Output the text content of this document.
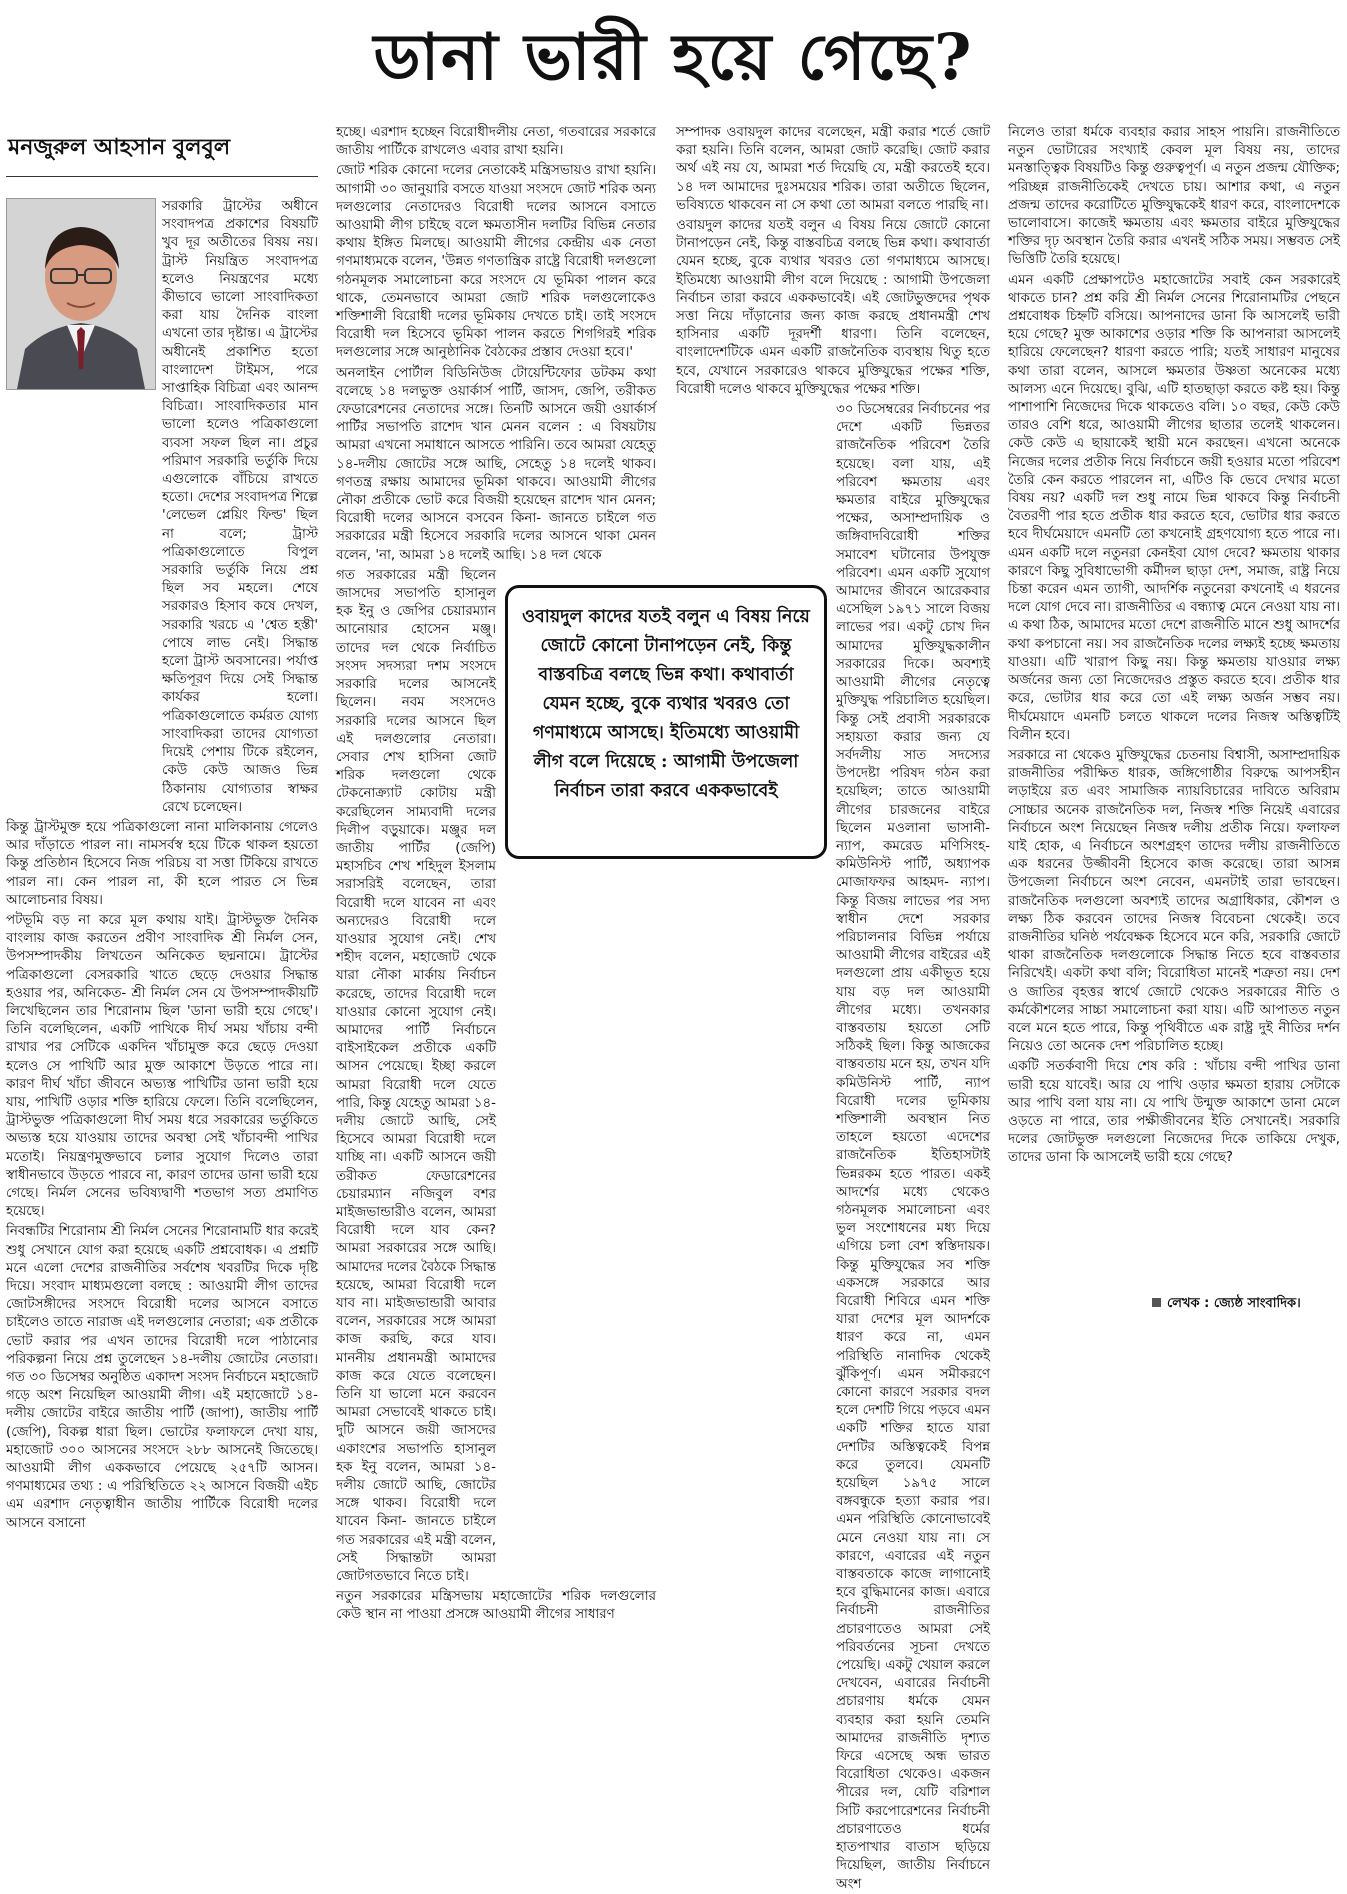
ডানা ভারী হয়ে গেছে?
মনজুরুল আহসান বুলবুল

সরকারি ট্রাস্টের অধীনে সংবাদপত্র প্রকাশের বিষয়টি খুব দূর অতীতের বিষয় নয়। ট্রাস্ট নিয়ন্ত্রিত সংবাদপত্র হলেও নিয়ন্ত্রণের মধ্যে কীভাবে ভালো সাংবাদিকতা করা যায় দৈনিক বাংলা এখনো তার দৃষ্টান্ত। এ ট্রাস্টের অধীনেই প্রকাশিত হতো বাংলাদেশ টাইমস, পরে সাপ্তাহিক বিচিত্রা এবং আনন্দ বিচিত্রা। সাংবাদিকতার মান ভালো হলেও পত্রিকাগুলো ব্যবসা সফল ছিল না। প্রচুর পরিমাণ সরকারি ভর্তুকি দিয়ে এগুলোকে বাঁচিয়ে রাখতে হতো। দেশের সংবাদপত্র শিল্পে 'লেভেল প্লেয়িং ফিল্ড' ছিল না বলে; ট্রাস্ট পত্রিকাগুলোতে বিপুল সরকারি ভর্তুকি নিয়ে প্রশ্ন ছিল সব মহলে। শেষে সরকারও হিসাব কষে দেখল, সরকারি খরচে এ 'শ্বেত হস্তী' পোষে লাভ নেই। সিদ্ধান্ত হলো ট্রাস্ট অবসানের। পর্যাপ্ত ক্ষতিপূরণ দিয়ে সেই সিদ্ধান্ত কার্যকর হলো। পত্রিকাগুলোতে কর্মরত যোগ্য সাংবাদিকরা তাদের যোগ্যতা দিয়েই পেশায় টিকে রইলেন, কেউ কেউ আজও ভিন্ন ঠিকানায় যোগ্যতার স্বাক্ষর রেখে চলেছেন।

কিন্তু ট্রাস্টমুক্ত হয়ে পত্রিকাগুলো নানা মালিকানায় গেলেও আর দাঁড়াতে পারল না। নামসর্বস্ব হয়ে টিকে থাকল হয়তো কিন্তু প্রতিষ্ঠান হিসেবে নিজ পরিচয় বা সত্তা টিকিয়ে রাখতে পারল না। কেন পারল না, কী হলে পারত সে ভিন্ন আলোচনার বিষয়।

পটভূমি বড় না করে মূল কথায় যাই। ট্রাস্টভুক্ত দৈনিক বাংলায় কাজ করতেন প্রবীণ সাংবাদিক শ্রী নির্মল সেন, উপসম্পাদকীয় লিখতেন অনিকেত ছদ্মনামে। ট্রাস্টের পত্রিকাগুলো বেসরকারি খাতে ছেড়ে দেওয়ার সিদ্ধান্ত হওয়ার পর, অনিকেত- শ্রী নির্মল সেন যে উপসম্পাদকীয়টি লিখেছিলেন তার শিরোনাম ছিল 'ডানা ভারী হয়ে গেছে'। তিনি বলেছিলেন, একটি পাখিকে দীর্ঘ সময় খাঁচায় বন্দী রাখার পর সেটিকে একদিন খাঁচামুক্ত করে ছেড়ে দেওয়া হলেও সে পাখিটি আর মুক্ত আকাশে উড়তে পারে না। কারণ দীর্ঘ খাঁচা জীবনে অভ্যস্ত পাখিটির ডানা ভারী হয়ে যায়, পাখিটি ওড়ার শক্তি হারিয়ে ফেলে। তিনি বলেছিলেন, ট্রাস্টভুক্ত পত্রিকাগুলো দীর্ঘ সময় ধরে সরকারের ভর্তুকিতে অভ্যস্ত হয়ে যাওয়ায় তাদের অবস্থা সেই খাঁচাবন্দী পাখির মতোই। নিয়ন্ত্রণমুক্তভাবে চলার সুযোগ দিলেও তারা স্বাধীনভাবে উড়তে পারবে না, কারণ তাদের ডানা ভারী হয়ে গেছে। নির্মল সেনের ভবিষ্যদ্বাণী শতভাগ সত্য প্রমাণিত হয়েছে।

নিবন্ধটির শিরোনাম শ্রী নির্মল সেনের শিরোনামটি ধার করেই শুধু সেখানে যোগ করা হয়েছে একটি প্রশ্নবোধক। এ প্রশ্নটি মনে এলো দেশের রাজনীতির সর্বশেষ খবরটির দিকে দৃষ্টি দিয়ে। সংবাদ মাধ্যমগুলো বলছে : আওয়ামী লীগ তাদের জোটসঙ্গীদের সংসদে বিরোধী দলের আসনে বসাতে চাইলেও তাতে নারাজ এই দলগুলোর নেতারা; এক প্রতীকে ভোট করার পর এখন তাদের বিরোধী দলে পাঠানোর পরিকল্পনা নিয়ে প্রশ্ন তুলেছেন ১৪-দলীয় জোটের নেতারা। গত ৩০ ডিসেম্বর অনুষ্ঠিত একাদশ সংসদ নির্বাচনে মহাজোট গড়ে অংশ নিয়েছিল আওয়ামী লীগ। এই মহাজোটে ১৪-দলীয় জোটের বাইরে জাতীয় পার্টি (জাপা), জাতীয় পার্টি (জেপি), বিকল্প ধারা ছিল। ভোটের ফলাফলে দেখা যায়, মহাজোট ৩০০ আসনের সংসদে ২৮৮ আসনেই জিতেছে। আওয়ামী লীগ এককভাবে পেয়েছে ২৫৭টি আসন। গণমাধ্যমের তথ্য : এ পরিস্থিতিতে ২২ আসনে বিজয়ী এইচ এম এরশাদ নেতৃত্বাধীন জাতীয় পার্টিকে বিরোধী দলের আসনে বসানো

হচ্ছে। এরশাদ হচ্ছেন বিরোধীদলীয় নেতা, গতবারের সরকারে জাতীয় পার্টিকে রাখলেও এবার রাখা হয়নি।

জোট শরিক কোনো দলের নেতাকেই মন্ত্রিসভায়ও রাখা হয়নি। আগামী ৩০ জানুয়ারি বসতে যাওয়া সংসদে জোট শরিক অন্য দলগুলোর নেতাদেরও বিরোধী দলের আসনে বসাতে আওয়ামী লীগ চাইছে বলে ক্ষমতাসীন দলটির বিভিন্ন নেতার কথায় ইঙ্গিত মিলছে। আওয়ামী লীগের কেন্দ্রীয় এক নেতা গণমাধ্যমকে বলেন, 'উন্নত গণতান্ত্রিক রাষ্ট্রে বিরোধী দলগুলো গঠনমূলক সমালোচনা করে সংসদে যে ভূমিকা পালন করে থাকে, তেমনভাবে আমরা জোট শরিক দলগুলোকেও শক্তিশালী বিরোধী দলের ভূমিকায় দেখতে চাই। তাই সংসদে বিরোধী দল হিসেবে ভূমিকা পালন করতে শিগগিরই শরিক দলগুলোর সঙ্গে আনুষ্ঠানিক বৈঠকের প্রস্তাব দেওয়া হবে।'

অনলাইন পোর্টাল বিডিনিউজ টোয়েন্টিফোর ডটকম কথা বলেছে ১৪ দলভুক্ত ওয়ার্কার্স পার্টি, জাসদ, জেপি, তরীকত ফেডারেশনের নেতাদের সঙ্গে। তিনটি আসনে জয়ী ওয়ার্কার্স পার্টির সভাপতি রাশেদ খান মেনন বলেন : এ বিষয়টায় আমরা এখনো সমাধানে আসতে পারিনি। তবে আমরা যেহেতু ১৪-দলীয় জোটের সঙ্গে আছি, সেহেতু ১৪ দলেই থাকব। গণতন্ত্র রক্ষায় আমাদের ভূমিকা থাকবে। আওয়ামী লীগের নৌকা প্রতীকে ভোট করে বিজয়ী হয়েছেন রাশেদ খান মেনন; বিরোধী দলের আসনে বসবেন কিনা- জানতে চাইলে গত সরকারের মন্ত্রী হিসেবে সরকারি দলের আসনে থাকা মেনন বলেন, 'না, আমরা ১৪ দলেই আছি। ১৪ দল থেকে

গত সরকারের মন্ত্রী ছিলেন জাসদের সভাপতি হাসানুল হক ইনু ও জেপির চেয়ারম্যান আনোয়ার হোসেন মঞ্জু। তাদের দল থেকে নির্বাচিত সংসদ সদস্যরা দশম সংসদে সরকারি দলের আসনেই ছিলেন। নবম সংসদেও সরকারি দলের আসনে ছিল এই দলগুলোর নেতারা। সেবার শেখ হাসিনা জোট শরিক দলগুলো থেকে টেকনোক্র্যাট কোটায় মন্ত্রী করেছিলেন সাম্যবাদী দলের দিলীপ বড়ুয়াকে। মঞ্জুর দল জাতীয় পার্টির (জেপি) মহাসচিব শেখ শহিদুল ইসলাম সরাসরিই বলেছেন, তারা বিরোধী দলে যাবেন না এবং অন্যদেরও বিরোধী দলে যাওয়ার সুযোগ নেই। শেখ শহীদ বলেন, মহাজোট থেকে যারা নৌকা মার্কায় নির্বাচন করেছে, তাদের বিরোধী দলে যাওয়ার কোনো সুযোগ নেই। আমাদের পার্টি নির্বাচনে বাইসাইকেল প্রতীকে একটি আসন পেয়েছে। ইচ্ছা করলে আমরা বিরোধী দলে যেতে পারি, কিন্তু যেহেতু আমরা ১৪-দলীয় জোটে আছি, সেই হিসেবে আমরা বিরোধী দলে যাচ্ছি না। একটি আসনে জয়ী তরীকত ফেডারেশনের চেয়ারম্যান নজিবুল বশর মাইজভান্ডারীও বলেন, আমরা বিরোধী দলে যাব কেন? আমরা সরকারের সঙ্গে আছি। আমাদের দলের বৈঠকে সিদ্ধান্ত হয়েছে, আমরা বিরোধী দলে যাব না। মাইজভান্ডারী আবার বলেন, সরকারের সঙ্গে আমরা কাজ করছি, করে যাব। মাননীয় প্রধানমন্ত্রী আমাদের কাজ করে যেতে বলেছেন। তিনি যা ভালো মনে করবেন আমরা সেভাবেই থাকতে চাই। দুটি আসনে জয়ী জাসদের একাংশের সভাপতি হাসানুল হক ইনু বলেন, আমরা ১৪-দলীয় জোটে আছি, জোটের সঙ্গে থাকব। বিরোধী দলে যাবেন কিনা- জানতে চাইলে গত সরকারের এই মন্ত্রী বলেন, সেই সিদ্ধান্তটা আমরা জোটগতভাবে নিতে চাই।

নতুন সরকারের মন্ত্রিসভায় মহাজোটের শরিক দলগুলোর কেউ স্থান না পাওয়া প্রসঙ্গে আওয়ামী লীগের সাধারণ

সম্পাদক ওবায়দুল কাদের বলেছেন, মন্ত্রী করার শর্তে জোট করা হয়নি। তিনি বলেন, আমরা জোট করেছি। জোট করার অর্থ এই নয় যে, আমরা শর্ত দিয়েছি যে, মন্ত্রী করতেই হবে। ১৪ দল আমাদের দুঃসময়ের শরিক। তারা অতীতে ছিলেন, ভবিষ্যতে থাকবেন না সে কথা তো আমরা বলতে পারছি না।

ওবায়দুল কাদের যতই বলুন এ বিষয় নিয়ে জোটে কোনো টানাপড়েন নেই, কিন্তু বাস্তবচিত্র বলছে ভিন্ন কথা। কথাবার্তা যেমন হচ্ছে, বুকে ব্যথার খবরও তো গণমাধ্যমে আসছে। ইতিমধ্যে আওয়ামী লীগ বলে দিয়েছে : আগামী উপজেলা নির্বাচন তারা করবে এককভাবেই। এই জোটভুক্তদের পৃথক সত্তা নিয়ে দাঁড়ানোর জন্য কাজ করছে প্রধানমন্ত্রী শেখ হাসিনার একটি দূরদর্শী ধারণা। তিনি বলেছেন, বাংলাদেশটিকে এমন একটি রাজনৈতিক ব্যবস্থায় থিতু হতে হবে, যেখানে সরকারেও থাকবে মুক্তিযুদ্ধের পক্ষের শক্তি, বিরোধী দলেও থাকবে মুক্তিযুদ্ধের পক্ষের শক্তি।

৩০ ডিসেম্বরের নির্বাচনের পর দেশে একটি ভিন্নতর রাজনৈতিক পরিবেশ তৈরি হয়েছে। বলা যায়, এই পরিবেশ ক্ষমতায় এবং ক্ষমতার বাইরে মুক্তিযুদ্ধের পক্ষের, অসাম্প্রদায়িক ও জঙ্গিবাদবিরোধী শক্তির সমাবেশ ঘটানোর উপযুক্ত পরিবেশ। এমন একটি সুযোগ আমাদের জীবনে আরেকবার এসেছিল ১৯৭১ সালে বিজয় লাভের পর। একটু চোখ দিন আমাদের মুক্তিযুদ্ধকালীন সরকারের দিকে। অবশ্যই আওয়ামী লীগের নেতৃত্বে মুক্তিযুদ্ধ পরিচালিত হয়েছিল। কিন্তু সেই প্রবাসী সরকারকে সহায়তা করার জন্য যে সর্বদলীয় সাত সদস্যের উপদেষ্টা পরিষদ গঠন করা হয়েছিল; তাতে আওয়ামী লীগের চারজনের বাইরে ছিলেন মওলানা ভাসানী-ন্যাপ, কমরেড মণিসিংহ- কমিউনিস্ট পার্টি, অধ্যাপক মোজাফফর আহমদ- ন্যাপ। কিন্তু বিজয় লাভের পর সদ্য স্বাধীন দেশে সরকার পরিচালনার বিভিন্ন পর্যায়ে আওয়ামী লীগের বাইরের এই দলগুলো প্রায় একীভূত হয়ে যায় বড় দল আওয়ামী লীগের মধ্যে। তখনকার বাস্তবতায় হয়তো সেটি সঠিকই ছিল। কিন্তু আজকের বাস্তবতায় মনে হয়, তখন যদি কমিউনিস্ট পার্টি, ন্যাপ বিরোধী দলের ভূমিকায় শক্তিশালী অবস্থান নিত তাহলে হয়তো এদেশের রাজনৈতিক ইতিহাসটাই ভিন্নরকম হতে পারত। একই আদর্শের মধ্যে থেকেও গঠনমূলক সমালোচনা এবং ভুল সংশোধনের মধ্য দিয়ে এগিয়ে চলা বেশ স্বস্তিদায়ক। কিন্তু মুক্তিযুদ্ধের সব শক্তি একসঙ্গে সরকারে আর বিরোধী শিবিরে এমন শক্তি যারা দেশের মূল আদর্শকে ধারণ করে না, এমন পরিস্থিতি নানাদিক থেকেই ঝুঁকিপূর্ণ। এমন সমীকরণে কোনো কারণে সরকার বদল হলে দেশটি গিয়ে পড়বে এমন একটি শক্তির হাতে যারা দেশটির অস্তিত্বকেই বিপন্ন করে তুলবে। যেমনটি হয়েছিল ১৯৭৫ সালে বঙ্গবন্ধুকে হত্যা করার পর। এমন পরিস্থিতি কোনোভাবেই মেনে নেওয়া যায় না। সে কারণে, এবারের এই নতুন বাস্তবতাকে কাজে লাগানোই হবে বুদ্ধিমানের কাজ। এবারে নির্বাচনী রাজনীতির প্রচারণাতেও আমরা সেই পরিবর্তনের সূচনা দেখতে পেয়েছি। একটু খেয়াল করলে দেখবেন, এবারের নির্বাচনী প্রচারণায় ধর্মকে যেমন ব্যবহার করা হয়নি তেমনি আমাদের রাজনীতি দৃশ্যত ফিরে এসেছে অন্ধ ভারত বিরোধিতা থেকেও। একজন পীরের দল, যেটি বরিশাল সিটি করপোরেশনের নির্বাচনী প্রচারণাতেও ধর্মের হাতপাখার বাতাস ছড়িয়ে দিয়েছিল, জাতীয় নির্বাচনে অংশ

নিলেও তারা ধর্মকে ব্যবহার করার সাহস পায়নি। রাজনীতিতে নতুন ভোটারের সংখ্যাই কেবল মূল বিষয় নয়, তাদের মনস্তাত্ত্বিক বিষয়টিও কিন্তু গুরুত্বপূর্ণ। এ নতুন প্রজন্ম যৌক্তিক; পরিচ্ছন্ন রাজনীতিকেই দেখতে চায়। আশার কথা, এ নতুন প্রজন্ম তাদের করোটিতে মুক্তিযুদ্ধকেই ধারণ করে, বাংলাদেশকে ভালোবাসে। কাজেই ক্ষমতায় এবং ক্ষমতার বাইরে মুক্তিযুদ্ধের শক্তির দৃঢ় অবস্থান তৈরি করার এখনই সঠিক সময়। সম্ভবত সেই ভিত্তিটি তৈরি হয়েছে।

এমন একটি প্রেক্ষাপটেও মহাজোটের সবাই কেন সরকারেই থাকতে চান? প্রশ্ন করি শ্রী নির্মল সেনের শিরোনামটির পেছনে প্রশ্নবোধক চিহ্নটি বসিয়ে। আপনাদের ডানা কি আসলেই ভারী হয়ে গেছে? মুক্ত আকাশের ওড়ার শক্তি কি আপনারা আসলেই হারিয়ে ফেলেছেন? ধারণা করতে পারি; যতই সাধারণ মানুষের কথা তারা বলেন, আসলে ক্ষমতার উষ্ণতা অনেকের মধ্যে আলস্য এনে দিয়েছে। বুঝি, এটি হাতছাড়া করতে কষ্ট হয়। কিন্তু পাশাপাশি নিজেদের দিকে থাকতেও বলি। ১০ বছর, কেউ কেউ তারও বেশি ধরে, আওয়ামী লীগের ছাতার তলেই থাকলেন। কেউ কেউ এ ছায়াকেই স্থায়ী মনে করছেন। এখনো অনেকে নিজের দলের প্রতীক নিয়ে নির্বাচনে জয়ী হওয়ার মতো পরিবেশ তৈরি কেন করতে পারলেন না, এটিও কি ভেবে দেখার মতো বিষয় নয়? একটি দল শুধু নামে ভিন্ন থাকবে কিন্তু নির্বাচনী বৈতরণী পার হতে প্রতীক ধার করতে হবে, ভোটার ধার করতে হবে দীর্ঘমেয়াদে এমনটি তো কখনোই গ্রহণযোগ্য হতে পারে না। এমন একটি দলে নতুনরা কেনইবা যোগ দেবে? ক্ষমতায় থাকার কারণে কিছু সুবিধাভোগী কর্মীদল ছাড়া দেশ, সমাজ, রাষ্ট্র নিয়ে চিন্তা করেন এমন ত্যাগী, আদর্শিক নতুনেরা কখনোই এ ধরনের দলে যোগ দেবে না। রাজনীতির এ বন্ধ্যাত্ব মেনে নেওয়া যায় না। এ কথা ঠিক, আমাদের মতো দেশে রাজনীতি মানে শুধু আদর্শের কথা কপচানো নয়। সব রাজনৈতিক দলের লক্ষ্যই হচ্ছে ক্ষমতায় যাওয়া। এটি খারাপ কিছু নয়। কিন্তু ক্ষমতায় যাওয়ার লক্ষ্য অর্জনের জন্য তো নিজেদেরও প্রস্তুত করতে হবে। প্রতীক ধার করে, ভোটার ধার করে তো এই লক্ষ্য অর্জন সম্ভব নয়। দীর্ঘমেয়াদে এমনটি চলতে থাকলে দলের নিজস্ব অস্তিত্বটিই বিলীন হবে।

সরকারে না থেকেও মুক্তিযুদ্ধের চেতনায় বিশ্বাসী, অসাম্প্রদায়িক রাজনীতির পরীক্ষিত ধারক, জঙ্গিগোষ্ঠীর বিরুদ্ধে আপসহীন লড়াইয়ে রত এবং সামাজিক ন্যায়বিচারের দাবিতে অবিরাম সোচ্চার অনেক রাজনৈতিক দল, নিজস্ব শক্তি নিয়েই এবারের নির্বাচনে অংশ নিয়েছেন নিজস্ব দলীয় প্রতীক নিয়ে। ফলাফল যাই হোক, এ নির্বাচনে অংশগ্রহণ তাদের দলীয় রাজনীতিতে এক ধরনের উজ্জীবনী হিসেবে কাজ করেছে। তারা আসন্ন উপজেলা নির্বাচনে অংশ নেবেন, এমনটাই তারা ভাবছেন। রাজনৈতিক দলগুলো অবশ্যই তাদের অগ্রাধিকার, কৌশল ও লক্ষ্য ঠিক করবেন তাদের নিজস্ব বিবেচনা থেকেই। তবে রাজনীতির ঘনিষ্ঠ পর্যবেক্ষক হিসেবে মনে করি, সরকারি জোটে থাকা রাজনৈতিক দলগুলোকে সিদ্ধান্ত নিতে হবে বাস্তবতার নিরিখেই। একটা কথা বলি; বিরোধিতা মানেই শত্রুতা নয়। দেশ ও জাতির বৃহত্তর স্বার্থে জোটে থেকেও সরকারের নীতি ও কর্মকৌশলের সাচ্চা সমালোচনা করা যায়। এটি আপাতত নতুন বলে মনে হতে পারে, কিন্তু পৃথিবীতে এক রাষ্ট্র দুই নীতির দর্শন নিয়েও তো অনেক দেশ পরিচালিত হচ্ছে।

একটি সতর্কবাণী দিয়ে শেষ করি : খাঁচায় বন্দী পাখির ডানা ভারী হয়ে যাবেই। আর যে পাখি ওড়ার ক্ষমতা হারায় সেটাকে আর পাখি বলা যায় না। যে পাখি উন্মুক্ত আকাশে ডানা মেলে ওড়তে না পারে, তার পক্ষীজীবনের ইতি সেখানেই। সরকারি দলের জোটভুক্ত দলগুলো নিজেদের দিকে তাকিয়ে দেখুক, তাদের ডানা কি আসলেই ভারী হয়ে গেছে?

ওবায়দুল কাদের যতই বলুন এ বিষয় নিয়ে জোটে কোনো টানাপড়েন নেই, কিন্তু বাস্তবচিত্র বলছে ভিন্ন কথা। কথাবার্তা যেমন হচ্ছে, বুকে ব্যথার খবরও তো গণমাধ্যমে আসছে। ইতিমধ্যে আওয়ামী লীগ বলে দিয়েছে : আগামী উপজেলা নির্বাচন তারা করবে এককভাবেই
লেখক : জ্যেষ্ঠ সাংবাদিক।
